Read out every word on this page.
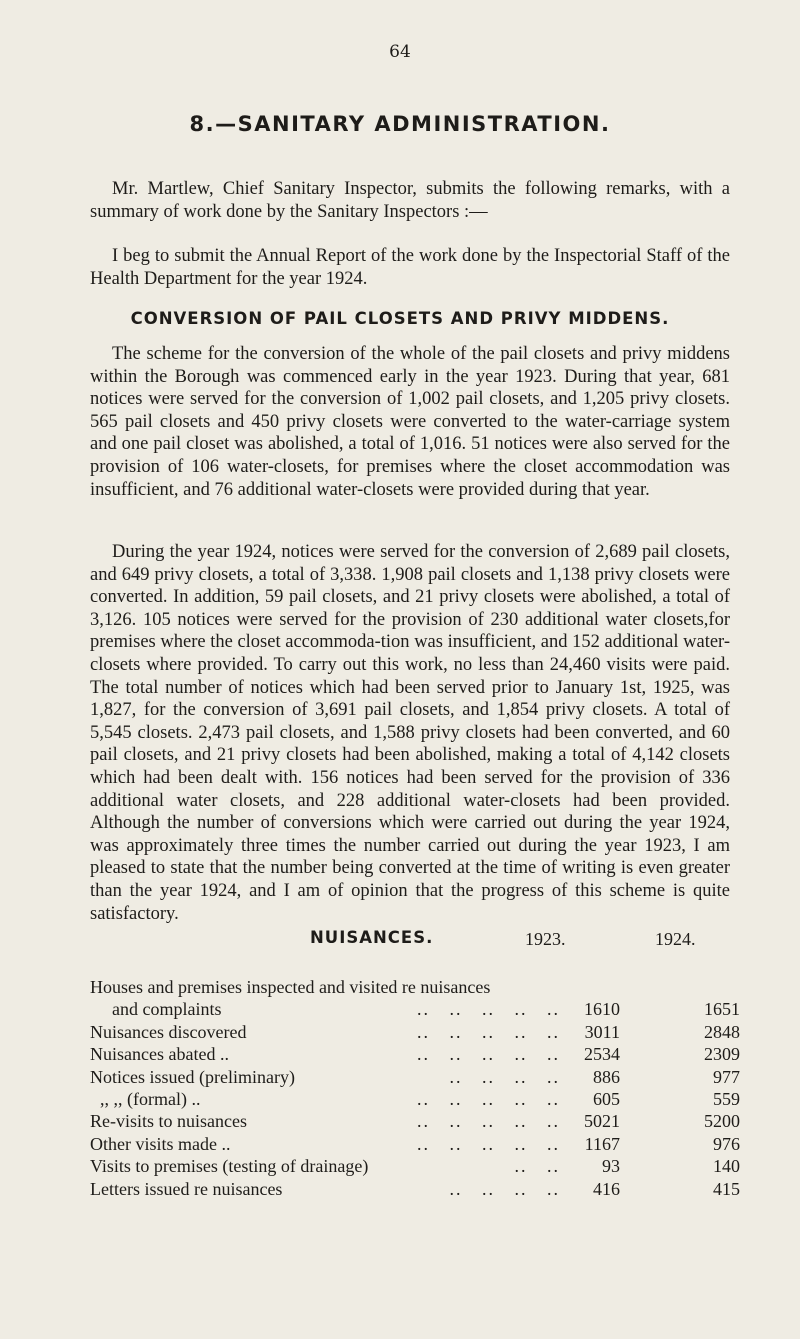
64
8.—SANITARY ADMINISTRATION.

Mr. Martlew, Chief Sanitary Inspector, submits the following remarks, with a summary of work done by the Sanitary Inspectors :—

I beg to submit the Annual Report of the work done by the Inspectorial Staff of the Health Department for the year 1924.

CONVERSION OF PAIL CLOSETS AND PRIVY MIDDENS.

The scheme for the conversion of the whole of the pail closets and privy middens within the Borough was commenced early in the year 1923. During that year, 681 notices were served for the conversion of 1,002 pail closets, and 1,205 privy closets. 565 pail closets and 450 privy closets were converted to the water-carriage system and one pail closet was abolished, a total of 1,016. 51 notices were also served for the provision of 106 water-closets, for premises where the closet accommodation was insufficient, and 76 additional water-closets were provided during that year.

During the year 1924, notices were served for the conversion of 2,689 pail closets, and 649 privy closets, a total of 3,338. 1,908 pail closets and 1,138 privy closets were converted. In addition, 59 pail closets, and 21 privy closets were abolished, a total of 3,126. 105 notices were served for the provision of 230 additional water closets,for premises where the closet accommoda-tion was insufficient, and 152 additional water-closets where provided. To carry out this work, no less than 24,460 visits were paid. The total number of notices which had been served prior to January 1st, 1925, was 1,827, for the conversion of 3,691 pail closets, and 1,854 privy closets. A total of 5,545 closets. 2,473 pail closets, and 1,588 privy closets had been converted, and 60 pail closets, and 21 privy closets had been abolished, making a total of 4,142 closets which had been dealt with. 156 notices had been served for the provision of 336 additional water closets, and 228 additional water-closets had been provided. Although the number of conversions which were carried out during the year 1924, was approximately three times the number carried out during the year 1923, I am pleased to state that the number being converted at the time of writing is even greater than the year 1924, and I am of opinion that the progress of this scheme is quite satisfactory.

NUISANCES.	1923.	1924.
Houses and premises inspected and visited re nuisances
and complaints	..   ..   ..   ..   .. 1610	1651
Nuisances discovered	..   ..   ..   ..   .. 3011	2848
Nuisances abated ..	..   ..   ..   ..   .. 2534	2309
Notices issued (preliminary)	..   ..   ..   .. 886	977
,, ,, (formal) ..	..   ..   ..   ..   .. 605	559
Re-visits to nuisances	..   ..   ..   ..   .. 5021	5200
Other visits made ..	..   ..   ..   ..   .. 1167	976
Visits to premises (testing of drainage)	..   .. 93	140
Letters issued re nuisances	..   ..   ..   .. 416	415
